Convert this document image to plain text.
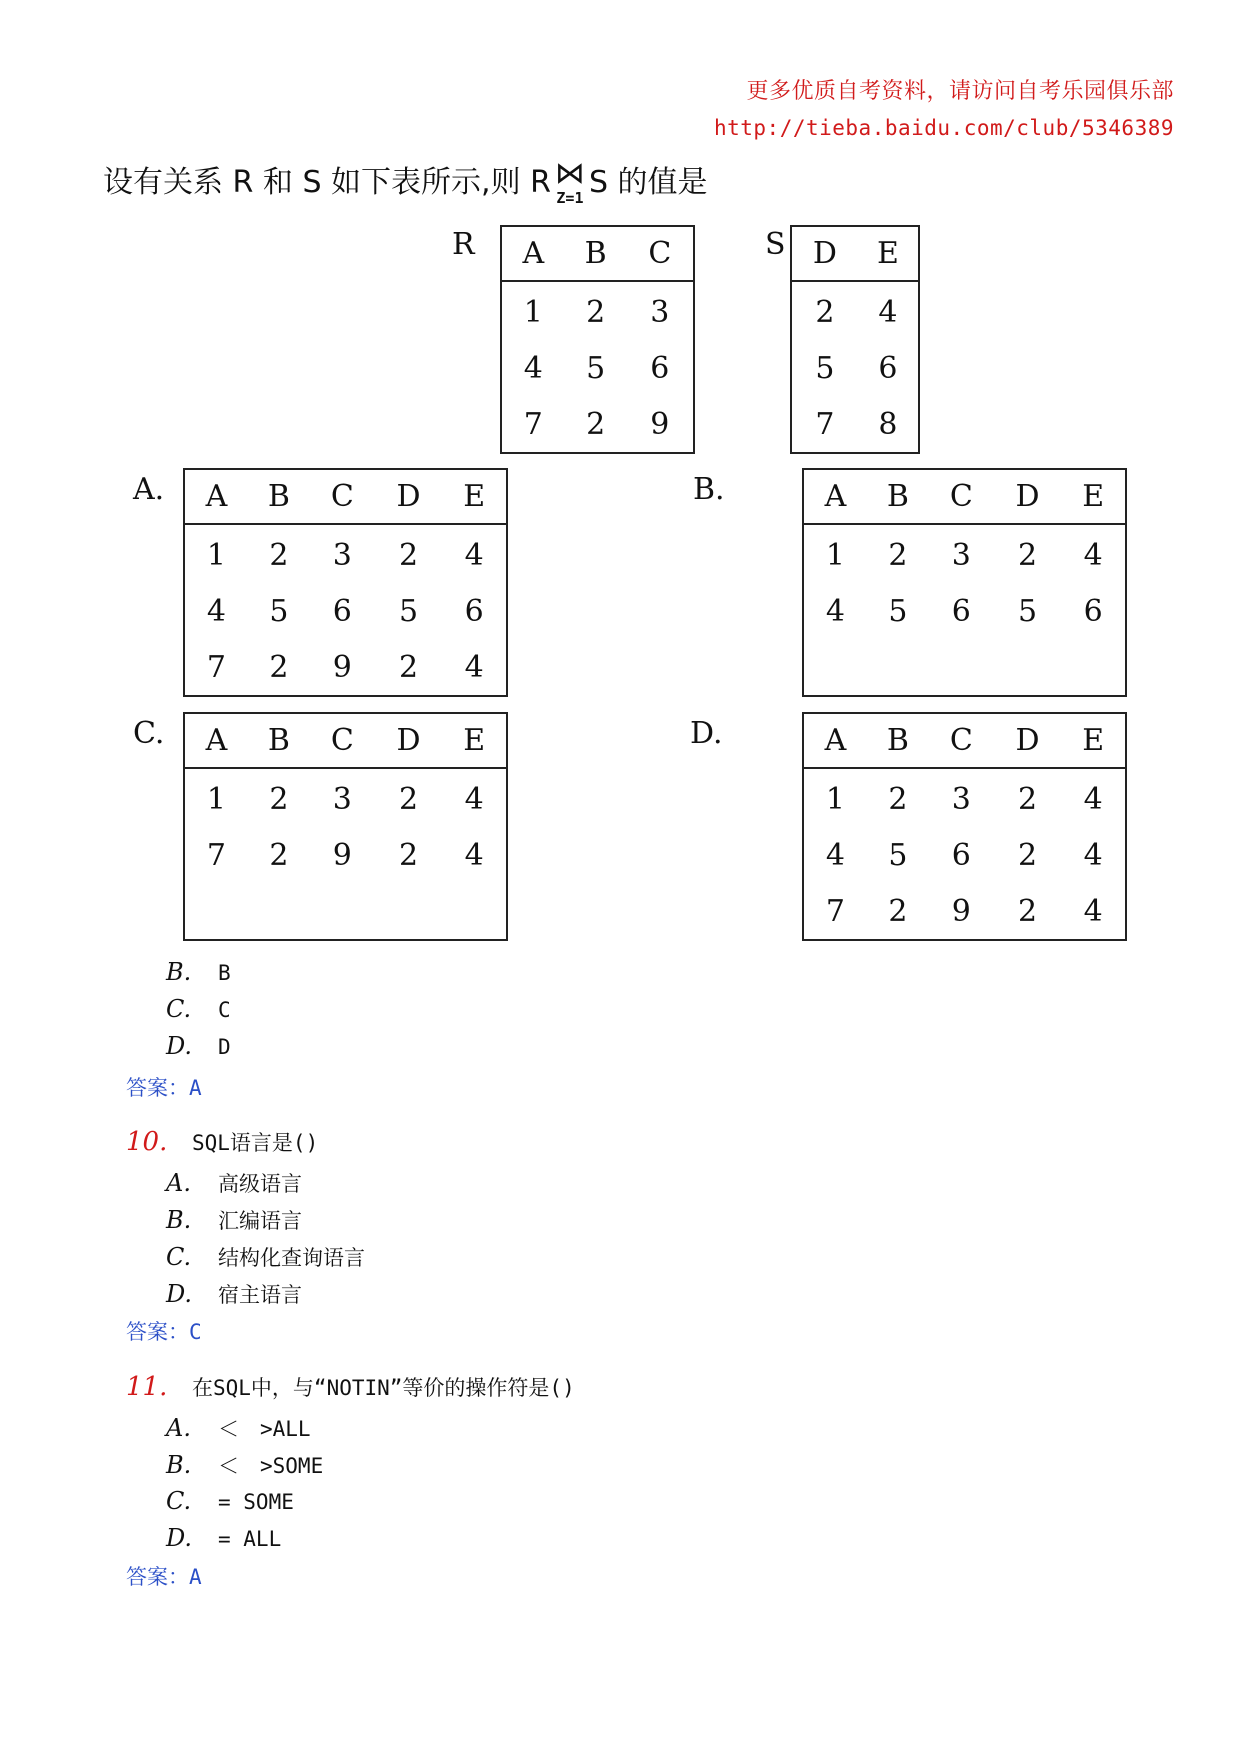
更多优质自考资料，请访问自考乐园俱乐部
http://tieba.baidu.com/club/5346389
设有关系 R 和 S 如下表所示,则 R ⋈
Z=1 S 的值是
R A	B	C
1	2	3
4	5	6
7	2	9
S D	E
2	4
5	6
7	8
A. A	B	C	D	E
1	2	3	2	4
4	5	6	5	6
7	2	9	2	4
B.	A	B	C	D	E
1	2	3	2	4
4	5	6	5	6

C. A	B	C	D	E
1	2	3	2	4
7	2	9	2	4

D.	A	B	C	D	E
1	2	3	2	4
4	5	6	2	4
7	2	9	2	4
B.	B
C.	C
D.	D
答案：A
10.	SQL语言是()
A.	高级语言
B.	汇编语言
C.	结构化查询语言
D.	宿主语言
答案：C
11.	在SQL中，与“NOTIN”等价的操作符是()
A.	＜　>ALL
B.	＜　>SOME
C.	= SOME
D.	= ALL
答案：A
